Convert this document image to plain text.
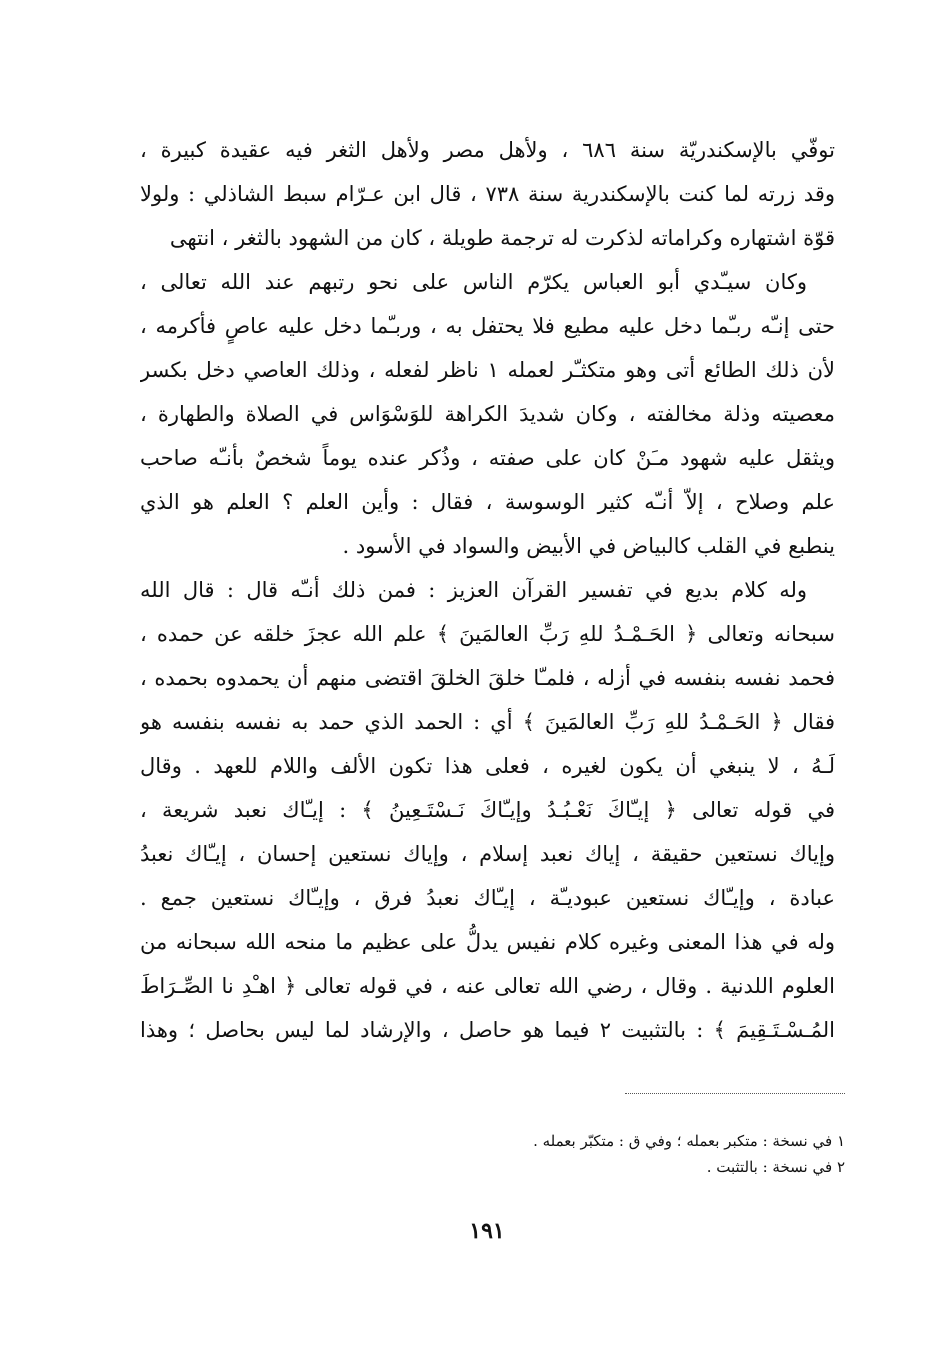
توفّي بالإسكندريّة سنة ٦٨٦ ، ولأهل مصر ولأهل الثغر فيه عقيدة كبيرة ،
وقد زرته لما كنت بالإسكندرية سنة ٧٣٨ ، قال ابن عـرّام سبط الشاذلي : ولولا
قوّة اشتهاره وكراماته لذكرت له ترجمة طويلة ، كان من الشهود بالثغر ، انتهى
وكان سيـّدي أبو العباس يكرّم الناس على نحو رتبهم عند الله تعالى ،
حتى إنـّه ربـّما دخل عليه مطيع فلا يحتفل به ، وربـّما دخل عليه عاصٍ فأكرمه ،
لأن ذلك الطائع أتى وهو متكثـّر لعمله ١ ناظر لفعله ، وذلك العاصي دخل بكسر
معصيته وذلة مخالفته ، وكان شديدَ الكراهة للوَسْوَاس في الصلاة والطهارة ،
ويثقل عليه شهود مـَنْ كان على صفته ، وذُكر عنده يوماً شخصٌ بأنـّه صاحب
علم وصلاح ، إلاّ أنـّه كثير الوسوسة ، فقال : وأين العلم ؟ العلم هو الذي
ينطبع في القلب كالبياض في الأبيض والسواد في الأسود .
وله كلام بديع في تفسير القرآن العزيز : فمن ذلك أنـّه قال : قال الله
سبحانه وتعالى ﴿ الحَـمْـدُ للهِ رَبِّ العالمَينَ ﴾ علم الله عجزَ خلقه عن حمده ،
فحمد نفسه بنفسه في أزله ، فلمـّا خلقَ الخلقَ اقتضى منهم أن يحمدوه بحمده ،
فقال ﴿ الحَـمْـدُ للهِ رَبِّ العالمَينَ ﴾ أي : الحمد الذي حمد به نفسه بنفسه هو
لَـهُ ، لا ينبغي أن يكون لغيره ، فعلى هذا تكون الألف واللام للعهد . وقال
في قوله تعالى ﴿ إيـّاكَ نَعْـبُـدُ وإيـّاكَ نَـسْتَـعِينُ ﴾ : إيـّاك نعبد شريعة ،
وإياك نستعين حقيقة ، إياك نعبد إسلام ، وإياك نستعين إحسان ، إيـّاك نعبدُ
عبادة ، وإيـّاك نستعين عبوديـّة ، إيـّاك نعبدُ فرق ، وإيـّاك نستعين جمع .
وله في هذا المعنى وغيره كلام نفيس يدلُّ على عظيم ما منحه الله سبحانه من
العلوم اللدنية . وقال ، رضي الله تعالى عنه ، في قوله تعالى ﴿ اهـْدِ نا الصِّـرَاطَ
المُـسْـتَـقِيمَ ﴾ : بالتثبيت ٢ فيما هو حاصل ، والإرشاد لما ليس بحاصل ؛ وهذا
١ في نسخة : متكبر بعمله ؛ وفي ق : متكبّر بعمله .
٢ في نسخة : بالتثبت .
١٩١
